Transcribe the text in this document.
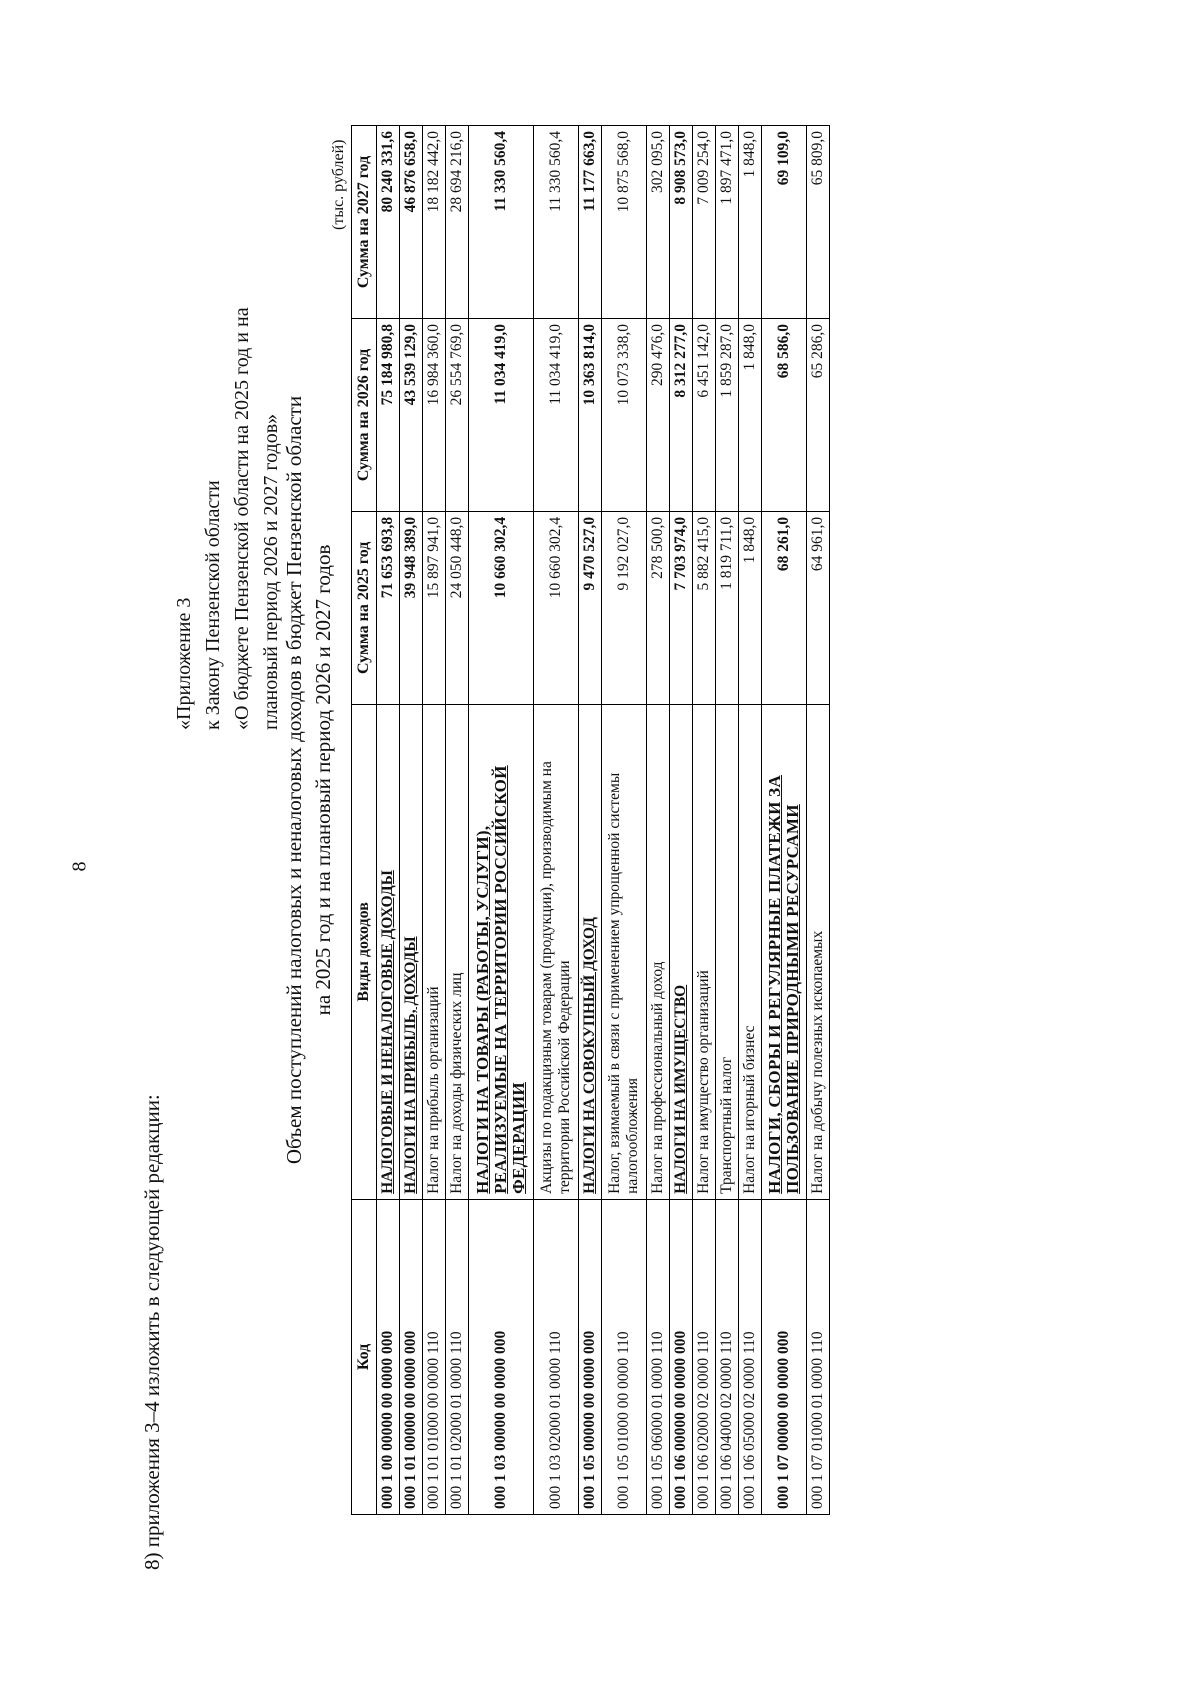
8
8) приложения 3–4 изложить в следующей редакции:
«Приложение 3 к Закону Пензенской области «О бюджете Пензенской области на 2025 год и на плановый период 2026 и 2027 годов» Объем поступлений налоговых и неналоговых доходов в бюджет Пензенской области на 2025 год и на плановый период 2026 и 2027 годов
(тыс. рублей)
Код	Виды доходов	Сумма на 2025 год	Сумма на 2026 год	Сумма на 2027 год
000 1 00 00000 00 0000 000	НАЛОГОВЫЕ И НЕНАЛОГОВЫЕ ДОХОДЫ	71 653 693,8	75 184 980,8	80 240 331,6
000 1 01 00000 00 0000 000	НАЛОГИ НА ПРИБЫЛЬ, ДОХОДЫ	39 948 389,0	43 539 129,0	46 876 658,0
000 1 01 01000 00 0000 110	Налог на прибыль организаций	15 897 941,0	16 984 360,0	18 182 442,0
000 1 01 02000 01 0000 110	Налог на доходы физических лиц	24 050 448,0	26 554 769,0	28 694 216,0
000 1 03 00000 00 0000 000	НАЛОГИ НА ТОВАРЫ (РАБОТЫ, УСЛУГИ), РЕАЛИЗУЕМЫЕ НА ТЕРРИТОРИИ РОССИЙСКОЙ ФЕДЕРАЦИИ	10 660 302,4	11 034 419,0	11 330 560,4
000 1 03 02000 01 0000 110	Акцизы по подакцизным товарам (продукции), производимым на территории Российской Федерации	10 660 302,4	11 034 419,0	11 330 560,4
000 1 05 00000 00 0000 000	НАЛОГИ НА СОВОКУПНЫЙ ДОХОД	9 470 527,0	10 363 814,0	11 177 663,0
000 1 05 01000 00 0000 110	Налог, взимаемый в связи с применением упрощенной системы налогообложения	9 192 027,0	10 073 338,0	10 875 568,0
000 1 05 06000 01 0000 110	Налог на профессиональный доход	278 500,0	290 476,0	302 095,0
000 1 06 00000 00 0000 000	НАЛОГИ НА ИМУЩЕСТВО	7 703 974,0	8 312 277,0	8 908 573,0
000 1 06 02000 02 0000 110	Налог на имущество организаций	5 882 415,0	6 451 142,0	7 009 254,0
000 1 06 04000 02 0000 110	Транспортный налог	1 819 711,0	1 859 287,0	1 897 471,0
000 1 06 05000 02 0000 110	Налог на игорный бизнес	1 848,0	1 848,0	1 848,0
000 1 07 00000 00 0000 000	НАЛОГИ, СБОРЫ И РЕГУЛЯРНЫЕ ПЛАТЕЖИ ЗА ПОЛЬЗОВАНИЕ ПРИРОДНЫМИ РЕСУРСАМИ	68 261,0	68 586,0	69 109,0
000 1 07 01000 01 0000 110	Налог на добычу полезных ископаемых	64 961,0	65 286,0	65 809,0
